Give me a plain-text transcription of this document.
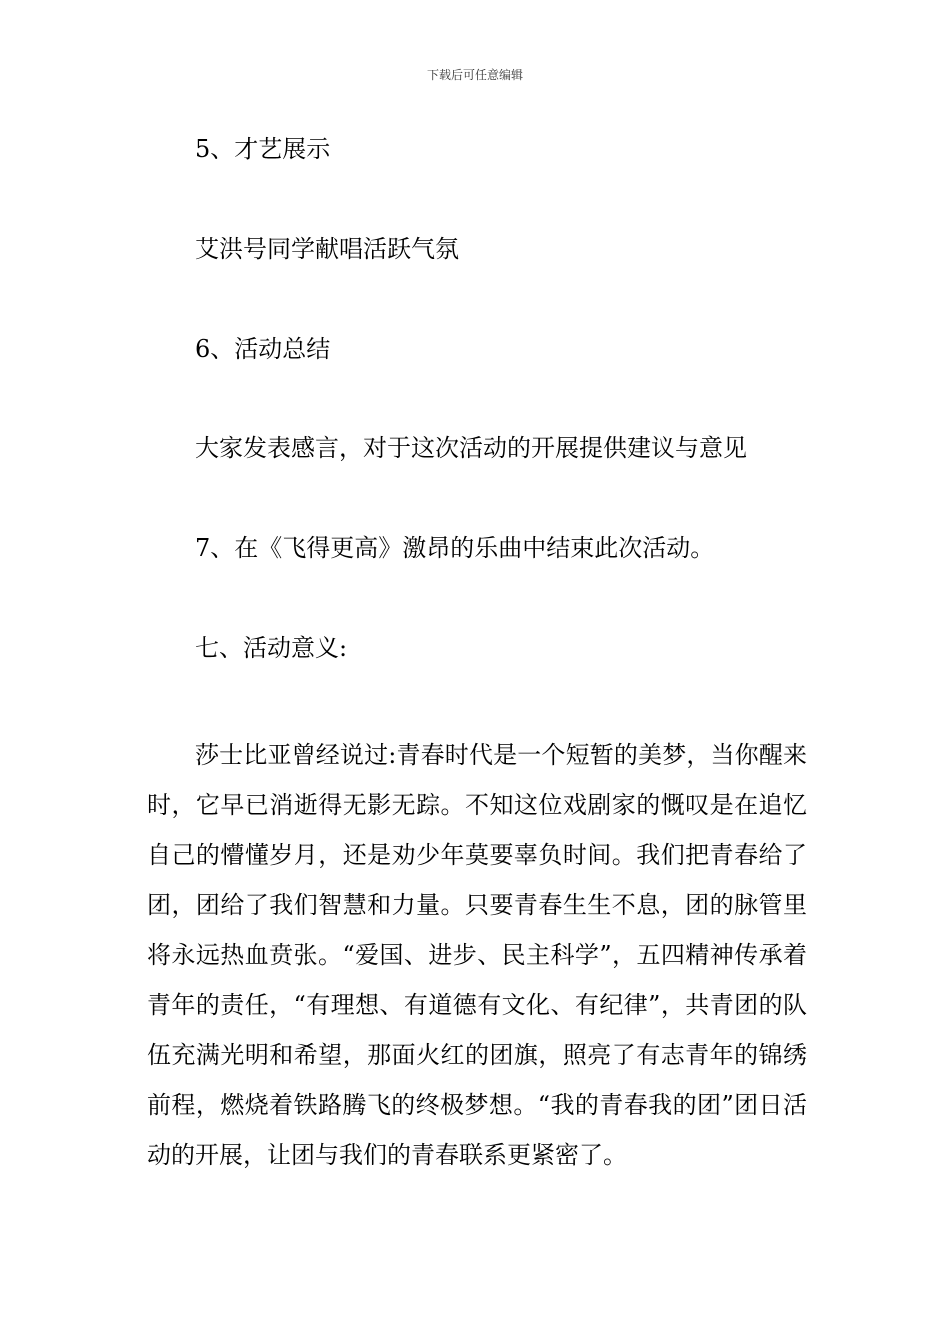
下载后可任意编辑
5、才艺展示
艾洪号同学献唱活跃气氛
6、活动总结
大家发表感言，对于这次活动的开展提供建议与意见
7、在《飞得更高》激昂的乐曲中结束此次活动。
七、活动意义:
莎士比亚曾经说过:青春时代是一个短暂的美梦，当你醒来时，它早已消逝得无影无踪。不知这位戏剧家的慨叹是在追忆自己的懵懂岁月，还是劝少年莫要辜负时间。我们把青春给了团，团给了我们智慧和力量。只要青春生生不息，团的脉管里将永远热血贲张。“爱国、进步、民主科学”，五四精神传承着青年的责任，“有理想、有道德有文化、有纪律”，共青团的队伍充满光明和希望，那面火红的团旗，照亮了有志青年的锦绣前程，燃烧着铁路腾飞的终极梦想。“我的青春我的团”团日活动的开展，让团与我们的青春联系更紧密了。
